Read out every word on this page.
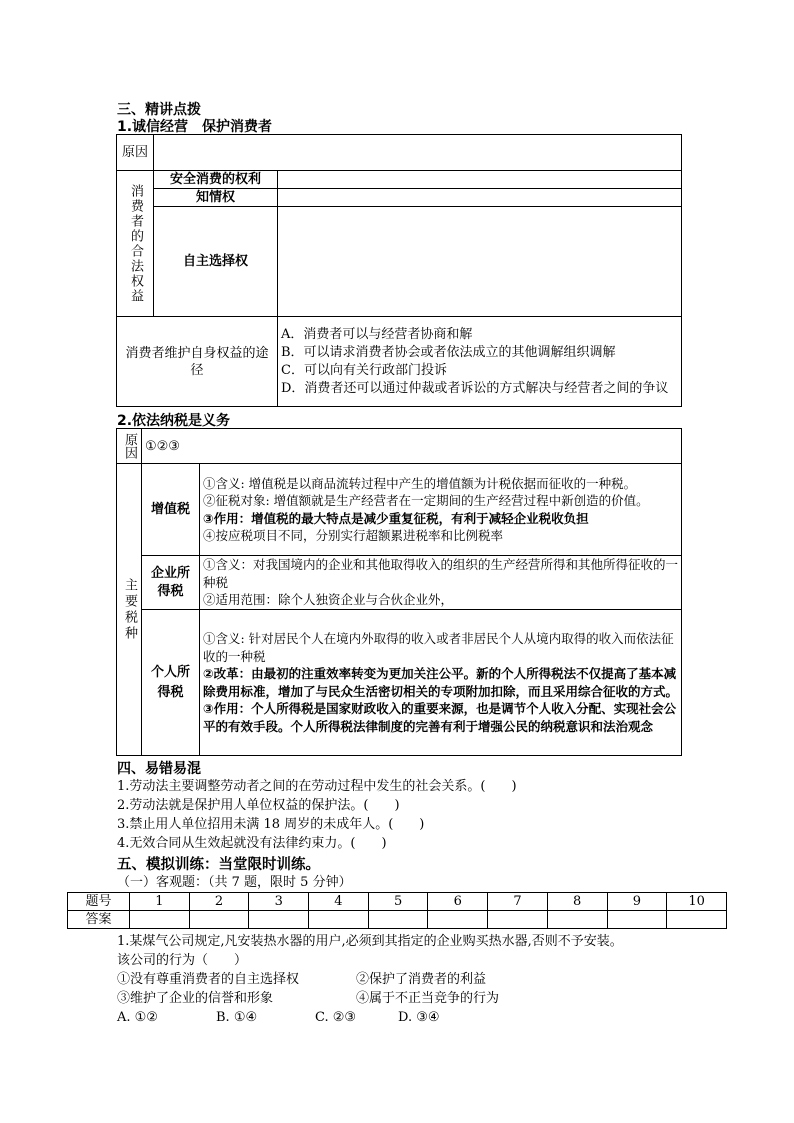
三、精讲点拨
1.诚信经营　保护消费者
原因		
消费者的合法权益	安全消费的权利	
	知情权	
	自主选择权	
消费者维护自身权益的途径		A．消费者可以与经营者协商和解
B．可以请求消费者协会或者依法成立的其他调解组织调解
C．可以向有关行政部门投诉
D．消费者还可以通过仲裁或者诉讼的方式解决与经营者之间的争议
2.依法纳税是义务
原因	①②③	
主要税种	增值税	①含义: 增值税是以商品流转过程中产生的增值额为计税依据而征收的一种税。
②征税对象: 增值额就是生产经营者在一定期间的生产经营过程中新创造的价值。
③作用：增值税的最大特点是减少重复征税，有利于减轻企业税收负担
④按应税项目不同，分别实行超额累进税率和比例税率

	企业所得税	①含义：对我国境内的企业和其他取得收入的组织的生产经营所得和其他所得征收的一种税
②适用范围：除个人独资企业与合伙企业外，

	个人所得税	①含义: 针对居民个人在境内外取得的收入或者非居民个人从境内取得的收入而依法征收的一种税
②改革：由最初的注重效率转变为更加关注公平。新的个人所得税法不仅提高了基本减除费用标准，增加了与民众生活密切相关的专项附加扣除，而且采用综合征收的方式。
③作用：个人所得税是国家财政收入的重要来源，也是调节个人收入分配、实现社会公平的有效手段。个人所得税法律制度的完善有利于增强公民的纳税意识和法治观念
四、易错易混
1.劳动法主要调整劳动者之间的在劳动过程中发生的社会关系。(　　)
2.劳动法就是保护用人单位权益的保护法。(　　)
3.禁止用人单位招用未满 18 周岁的未成年人。(　　)
4.无效合同从生效起就没有法律约束力。(　　)
五、模拟训练：当堂限时训练。
（一）客观题：（共 7 题，限时 5 分钟）
题号	1	2	3	4	5	6	7	8	9	10
答案										
1.某煤气公司规定,凡安装热水器的用户,必须到其指定的企业购买热水器,否则不予安装。
该公司的行为（　　）
①没有尊重消费者的自主选择权	②保护了消费者的利益
③维护了企业的信誉和形象	④属于不正当竞争的行为
A. ①②	B. ①④	C. ②③	D. ③④
